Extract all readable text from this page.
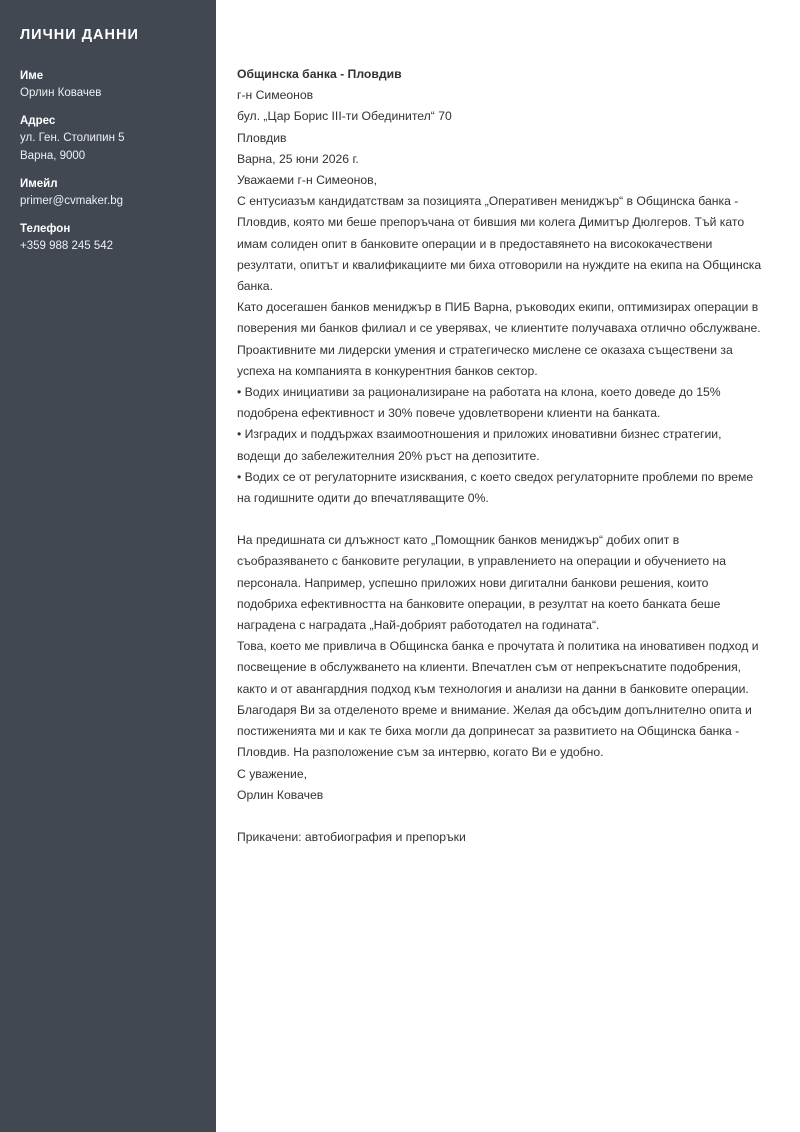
ЛИЧНИ ДАННИ
Име
Орлин Ковачев
Адрес
ул. Ген. Столипин 5
Варна, 9000
Имейл
primer@cvmaker.bg
Телефон
+359 988 245 542

Общинска банка - Пловдив

г-н Симеонов

бул. „Цар Борис III-ти Обединител“ 70

Пловдив

Варна, 25 юни 2026 г.

Уважаеми г-н Симеонов,

С ентусиазъм кандидатствам за позицията „Оперативен мениджър“ в Общинска банка - Пловдив, която ми беше препоръчана от бившия ми колега Димитър Дюлгеров. Тъй като имам солиден опит в банковите операции и в предоставянето на висококачествени резултати, опитът и квалификациите ми биха отговорили на нуждите на екипа на Общинска банка.

Като досегашен банков мениджър в ПИБ Варна, ръководих екипи, оптимизирах операции в поверения ми банков филиал и се уверявах, че клиентите получаваха отлично обслужване. Проактивните ми лидерски умения и стратегическо мислене се оказаха съществени за успеха на компанията в конкурентния банков сектор.

• Водих инициативи за рационализиране на работата на клона, което доведе до 15% подобрена ефективност и 30% повече удовлетворени клиенти на банката.

• Изградих и поддържах взаимоотношения и приложих иновативни бизнес стратегии, водещи до забележителния 20% ръст на депозитите.

• Водих се от регулаторните изисквания, с което сведох регулаторните проблеми по време на годишните одити до впечатляващите 0%.

На предишната си длъжност като „Помощник банков мениджър“ добих опит в съобразяването с банковите регулации, в управлението на операции и обучението на персонала. Например, успешно приложих нови дигитални банкови решения, които подобриха ефективността на банковите операции, в резултат на което банката беше наградена с наградата „Най-добрият работодател на годината“.

Това, което ме привлича в Общинска банка е прочутата ѝ политика на иновативен подход и посвещение в обслужването на клиенти. Впечатлен съм от непрекъснатите подобрения, както и от авангардния подход към технология и анализи на данни в банковите операции.

Благодаря Ви за отделеното време и внимание. Желая да обсъдим допълнително опита и постиженията ми и как те биха могли да допринесат за развитието на Общинска банка - Пловдив. На разположение съм за интервю, когато Ви е удобно.

С уважение,

Орлин Ковачев

Прикачени: автобиография и препоръки
